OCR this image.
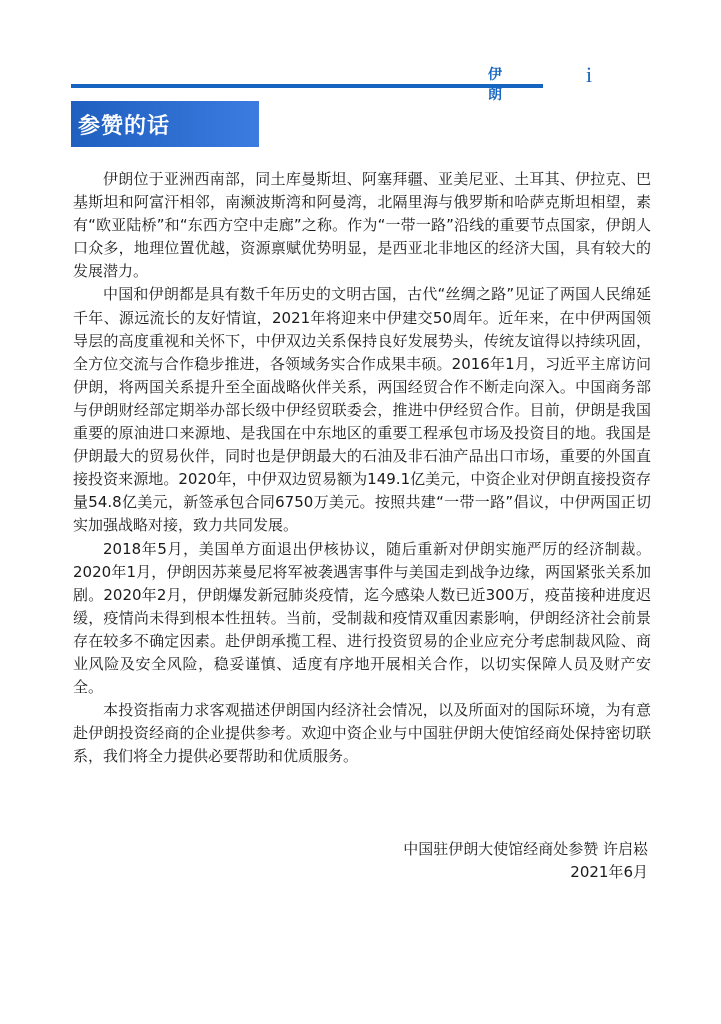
伊 朗
i
参赞的话

伊朗位于亚洲西南部，同土库曼斯坦、阿塞拜疆、亚美尼亚、土耳其、伊拉克、巴基斯坦和阿富汗相邻，南濒波斯湾和阿曼湾，北隔里海与俄罗斯和哈萨克斯坦相望，素有“欧亚陆桥”和“东西方空中走廊”之称。作为“一带一路”沿线的重要节点国家，伊朗人口众多，地理位置优越，资源禀赋优势明显，是西亚北非地区的经济大国，具有较大的发展潜力。

中国和伊朗都是具有数千年历史的文明古国，古代“丝绸之路”见证了两国人民绵延千年、源远流长的友好情谊，2021年将迎来中伊建交50周年。近年来，在中伊两国领导层的高度重视和关怀下，中伊双边关系保持良好发展势头，传统友谊得以持续巩固，全方位交流与合作稳步推进，各领域务实合作成果丰硕。2016年1月，习近平主席访问伊朗，将两国关系提升至全面战略伙伴关系，两国经贸合作不断走向深入。中国商务部与伊朗财经部定期举办部长级中伊经贸联委会，推进中伊经贸合作。目前，伊朗是我国重要的原油进口来源地、是我国在中东地区的重要工程承包市场及投资目的地。我国是伊朗最大的贸易伙伴，同时也是伊朗最大的石油及非石油产品出口市场，重要的外国直接投资来源地。2020年，中伊双边贸易额为149.1亿美元，中资企业对伊朗直接投资存量54.8亿美元，新签承包合同6750万美元。按照共建“一带一路”倡议，中伊两国正切实加强战略对接，致力共同发展。

2018年5月，美国单方面退出伊核协议，随后重新对伊朗实施严厉的经济制裁。2020年1月，伊朗因苏莱曼尼将军被袭遇害事件与美国走到战争边缘，两国紧张关系加剧。2020年2月，伊朗爆发新冠肺炎疫情，迄今感染人数已近300万，疫苗接种进度迟缓，疫情尚未得到根本性扭转。当前，受制裁和疫情双重因素影响，伊朗经济社会前景存在较多不确定因素。赴伊朗承揽工程、进行投资贸易的企业应充分考虑制裁风险、商业风险及安全风险，稳妥谨慎、适度有序地开展相关合作，以切实保障人员及财产安全。

本投资指南力求客观描述伊朗国内经济社会情况，以及所面对的国际环境，为有意赴伊朗投资经商的企业提供参考。欢迎中资企业与中国驻伊朗大使馆经商处保持密切联系，我们将全力提供必要帮助和优质服务。

中国驻伊朗大使馆经商处参赞 许启崧
2021年6月
